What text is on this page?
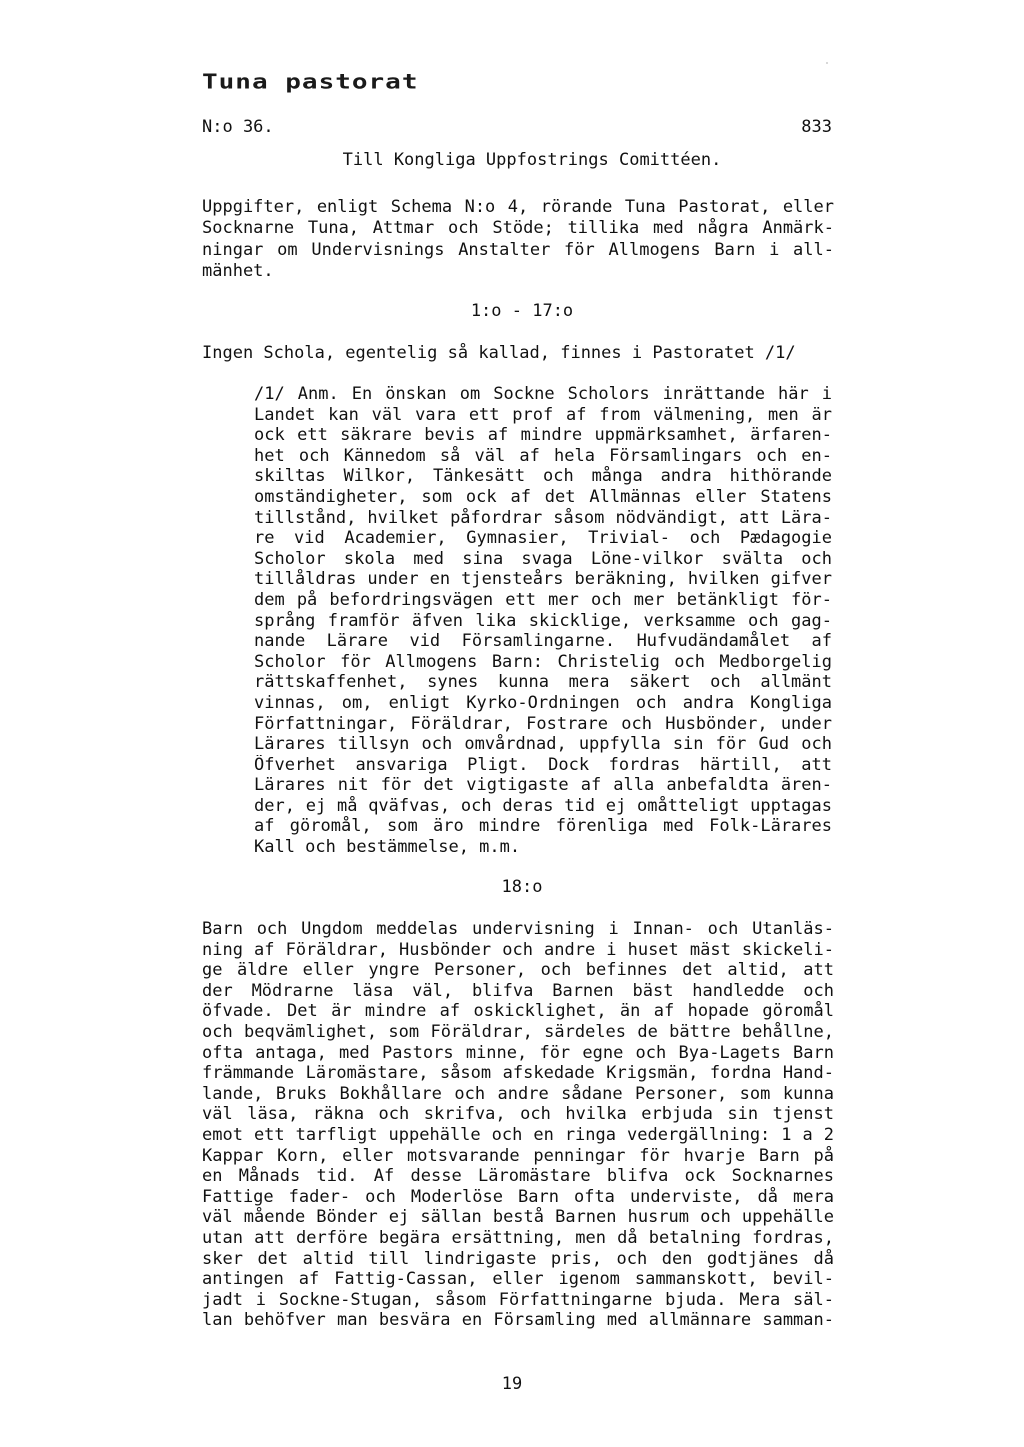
Tuna pastorat
N:o 36.	833
Till Kongliga Uppfostrings Comittéen.
Uppgifter, enligt Schema N:o 4, rörande Tuna Pastorat, eller
Socknarne Tuna, Attmar och Stöde; tillika med några Anmärk-
ningar om Undervisnings Anstalter för Allmogens Barn i all-
mänhet.
1:o - 17:o
Ingen Schola, egentelig så kallad, finnes i Pastoratet /1/
/1/ Anm. En önskan om Sockne Scholors inrättande här i
Landet kan väl vara ett prof af from välmening, men är
ock ett säkrare bevis af mindre uppmärksamhet, ärfaren-
het och Kännedom så väl af hela Församlingars och en-
skiltas Wilkor, Tänkesätt och många andra hithörande
omständigheter, som ock af det Allmännas eller Statens
tillstånd, hvilket påfordrar såsom nödvändigt, att Lära-
re vid Academier, Gymnasier, Trivial- och Pædagogie
Scholor skola med sina svaga Löne-vilkor svälta och
tillåldras under en tjensteårs beräkning, hvilken gifver
dem på befordringsvägen ett mer och mer betänkligt för-
språng framför äfven lika skicklige, verksamme och gag-
nande Lärare vid Församlingarne. Hufvudändamålet af
Scholor för Allmogens Barn: Christelig och Medborgelig
rättskaffenhet, synes kunna mera säkert och allmänt
vinnas, om, enligt Kyrko-Ordningen och andra Kongliga
Författningar, Föräldrar, Fostrare och Husbönder, under
Lärares tillsyn och omvårdnad, uppfylla sin för Gud och
Öfverhet ansvariga Pligt. Dock fordras härtill, att
Lärares nit för det vigtigaste af alla anbefaldta ären-
der, ej må qväfvas, och deras tid ej omåtteligt upptagas
af göromål, som äro mindre förenliga med Folk-Lärares
Kall och bestämmelse, m.m.
18:o
Barn och Ungdom meddelas undervisning i Innan- och Utanläs-
ning af Föräldrar, Husbönder och andre i huset mäst skickeli-
ge äldre eller yngre Personer, och befinnes det altid, att
der Mödrarne läsa väl, blifva Barnen bäst handledde och
öfvade. Det är mindre af oskicklighet, än af hopade göromål
och beqvämlighet, som Föräldrar, särdeles de bättre behållne,
ofta antaga, med Pastors minne, för egne och Bya-Lagets Barn
främmande Läromästare, såsom afskedade Krigsmän, fordna Hand-
lande, Bruks Bokhållare och andre sådane Personer, som kunna
väl läsa, räkna och skrifva, och hvilka erbjuda sin tjenst
emot ett tarfligt uppehälle och en ringa vedergällning: 1 a 2
Kappar Korn, eller motsvarande penningar för hvarje Barn på
en Månads tid. Af desse Läromästare blifva ock Socknarnes
Fattige fader- och Moderlöse Barn ofta underviste, då mera
väl mående Bönder ej sällan bestå Barnen husrum och uppehälle
utan att derföre begära ersättning, men då betalning fordras,
sker det altid till lindrigaste pris, och den godtjänes då
antingen af Fattig-Cassan, eller igenom sammanskott, bevil-
jadt i Sockne-Stugan, såsom Författningarne bjuda. Mera säl-
lan behöfver man besvära en Församling med allmännare samman-
19
